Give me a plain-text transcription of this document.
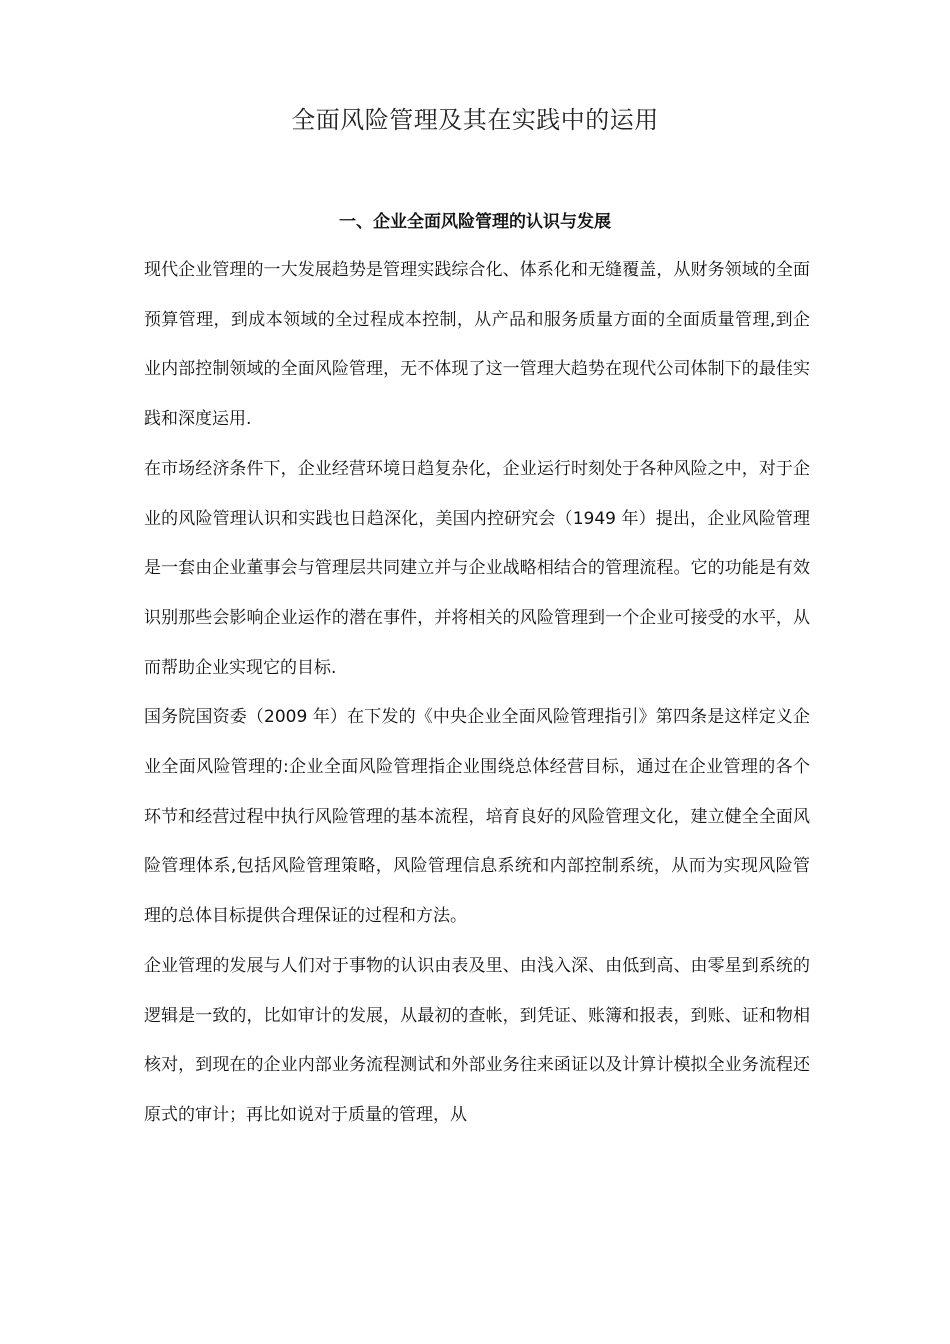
全面风险管理及其在实践中的运用
一、企业全面风险管理的认识与发展

现代企业管理的一大发展趋势是管理实践综合化、体系化和无缝覆盖，从财务领域的全面预算管理，到成本领域的全过程成本控制，从产品和服务质量方面的全面质量管理,到企业内部控制领域的全面风险管理，无不体现了这一管理大趋势在现代公司体制下的最佳实践和深度运用.

在市场经济条件下，企业经营环境日趋复杂化，企业运行时刻处于各种风险之中，对于企业的风险管理认识和实践也日趋深化，美国内控研究会（1949 年）提出，企业风险管理是一套由企业董事会与管理层共同建立并与企业战略相结合的管理流程。它的功能是有效识别那些会影响企业运作的潜在事件，并将相关的风险管理到一个企业可接受的水平，从而帮助企业实现它的目标.

国务院国资委（2009 年）在下发的《中央企业全面风险管理指引》第四条是这样定义企业全面风险管理的:企业全面风险管理指企业围绕总体经营目标，通过在企业管理的各个环节和经营过程中执行风险管理的基本流程，培育良好的风险管理文化，建立健全全面风险管理体系,包括风险管理策略，风险管理信息系统和内部控制系统，从而为实现风险管理的总体目标提供合理保证的过程和方法。

企业管理的发展与人们对于事物的认识由表及里、由浅入深、由低到高、由零星到系统的逻辑是一致的，比如审计的发展，从最初的查帐，到凭证、账簿和报表，到账、证和物相核对，到现在的企业内部业务流程测试和外部业务往来函证以及计算计模拟全业务流程还原式的审计；再比如说对于质量的管理，从
